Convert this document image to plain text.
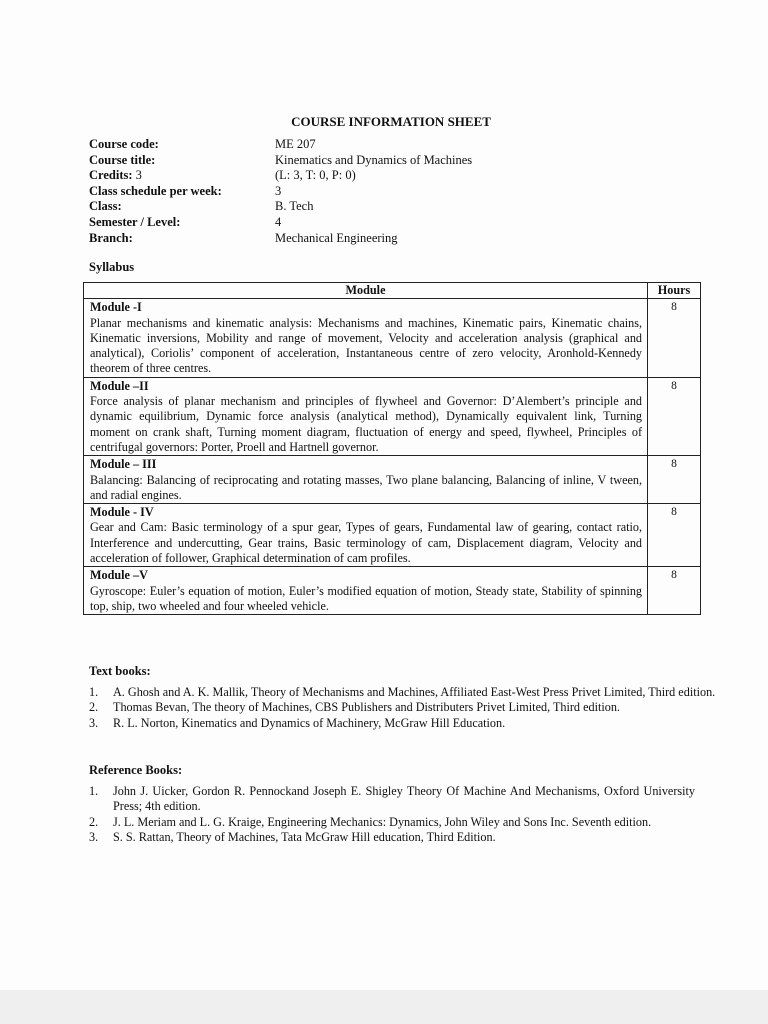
COURSE INFORMATION SHEET
Course code:	ME 207
Course title:	Kinematics and Dynamics of Machines
Credits: 3	(L: 3, T: 0, P: 0)
Class schedule per week:	3
Class:	B. Tech
Semester / Level:	4
Branch:	Mechanical Engineering
Syllabus
Module	Hours

Module -I
Planar mechanisms and kinematic analysis: Mechanisms and machines, Kinematic pairs, Kinematic chains, Kinematic inversions, Mobility and range of movement, Velocity and acceleration analysis (graphical and analytical), Coriolis’ component of acceleration, Instantaneous centre of zero velocity, Aronhold-Kennedy theorem of three centres.	8

Module –II
Force analysis of planar mechanism and principles of flywheel and Governor: D’Alembert’s principle and dynamic equilibrium, Dynamic force analysis (analytical method), Dynamically equivalent link, Turning moment on crank shaft, Turning moment diagram, fluctuation of energy and speed, flywheel, Principles of centrifugal governors: Porter, Proell and Hartnell governor.	8

Module – III
Balancing: Balancing of reciprocating and rotating masses, Two plane balancing, Balancing of inline, V tween, and radial engines.	8

Module - IV
Gear and Cam: Basic terminology of a spur gear, Types of gears, Fundamental law of gearing, contact ratio, Interference and undercutting, Gear trains, Basic terminology of cam, Displacement diagram, Velocity and acceleration of follower, Graphical determination of cam profiles.	8

Module –V
Gyroscope: Euler’s equation of motion, Euler’s modified equation of motion, Steady state, Stability of spinning top, ship, two wheeled and four wheeled vehicle.	8
Text books:
1. A. Ghosh and A. K. Mallik, Theory of Mechanisms and Machines, Affiliated East-West Press Privet Limited, Third edition.
2. Thomas Bevan, The theory of Machines, CBS Publishers and Distributers Privet Limited, Third edition.
3. R. L. Norton, Kinematics and Dynamics of Machinery, McGraw Hill Education.
Reference Books:
1. John J. Uicker, Gordon R. Pennockand Joseph E. Shigley Theory Of Machine And Mechanisms, Oxford University Press; 4th edition.
2. J. L. Meriam and L. G. Kraige, Engineering Mechanics: Dynamics, John Wiley and Sons Inc. Seventh edition.
3. S. S. Rattan, Theory of Machines, Tata McGraw Hill education, Third Edition.
